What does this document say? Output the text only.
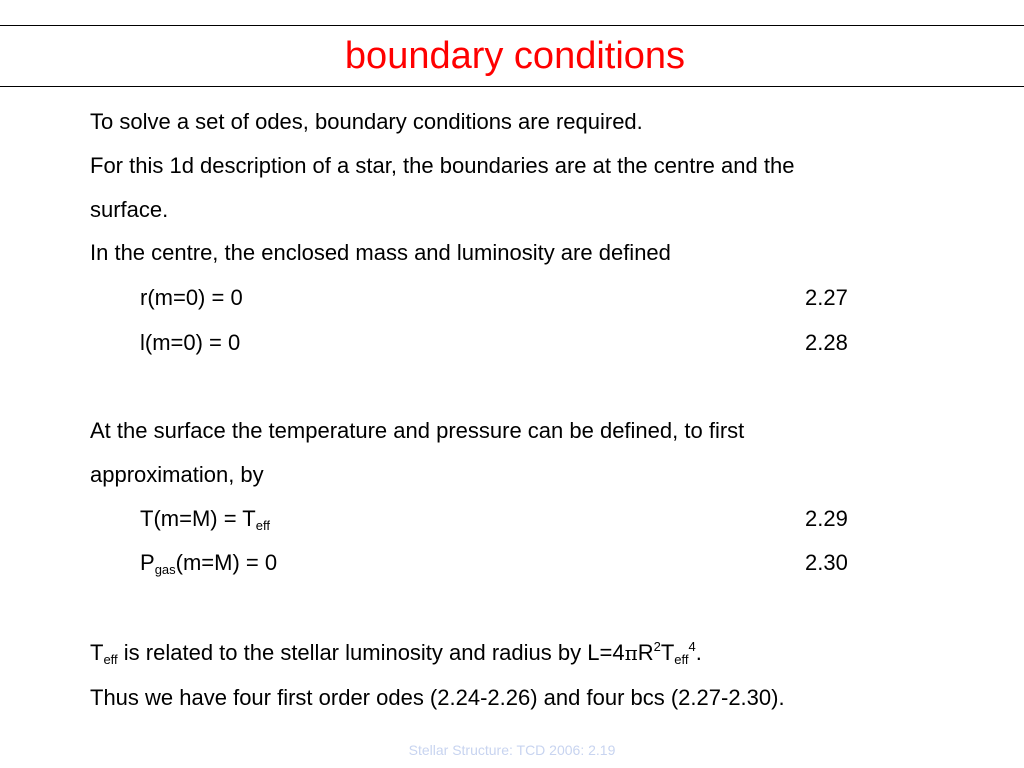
boundary conditions
To solve a set of odes, boundary conditions are required.
For this 1d description of a star, the boundaries are at the centre and the
surface.
In the centre, the enclosed mass and luminosity are defined
r(m=0) = 0	2.27
l(m=0) = 0	2.28
At the surface the temperature and pressure can be defined, to first
approximation, by
$T(m=M) = T_{eff}$	2.29
$P_{gas}(m=M) = 0$	2.30
$T_{eff}$ is related to the stellar luminosity and radius by $L=4\pi R^2T_{eff}^4$.
Thus we have four first order odes (2.24-2.26) and four bcs (2.27-2.30).
Stellar Structure: TCD 2006: 2.19
